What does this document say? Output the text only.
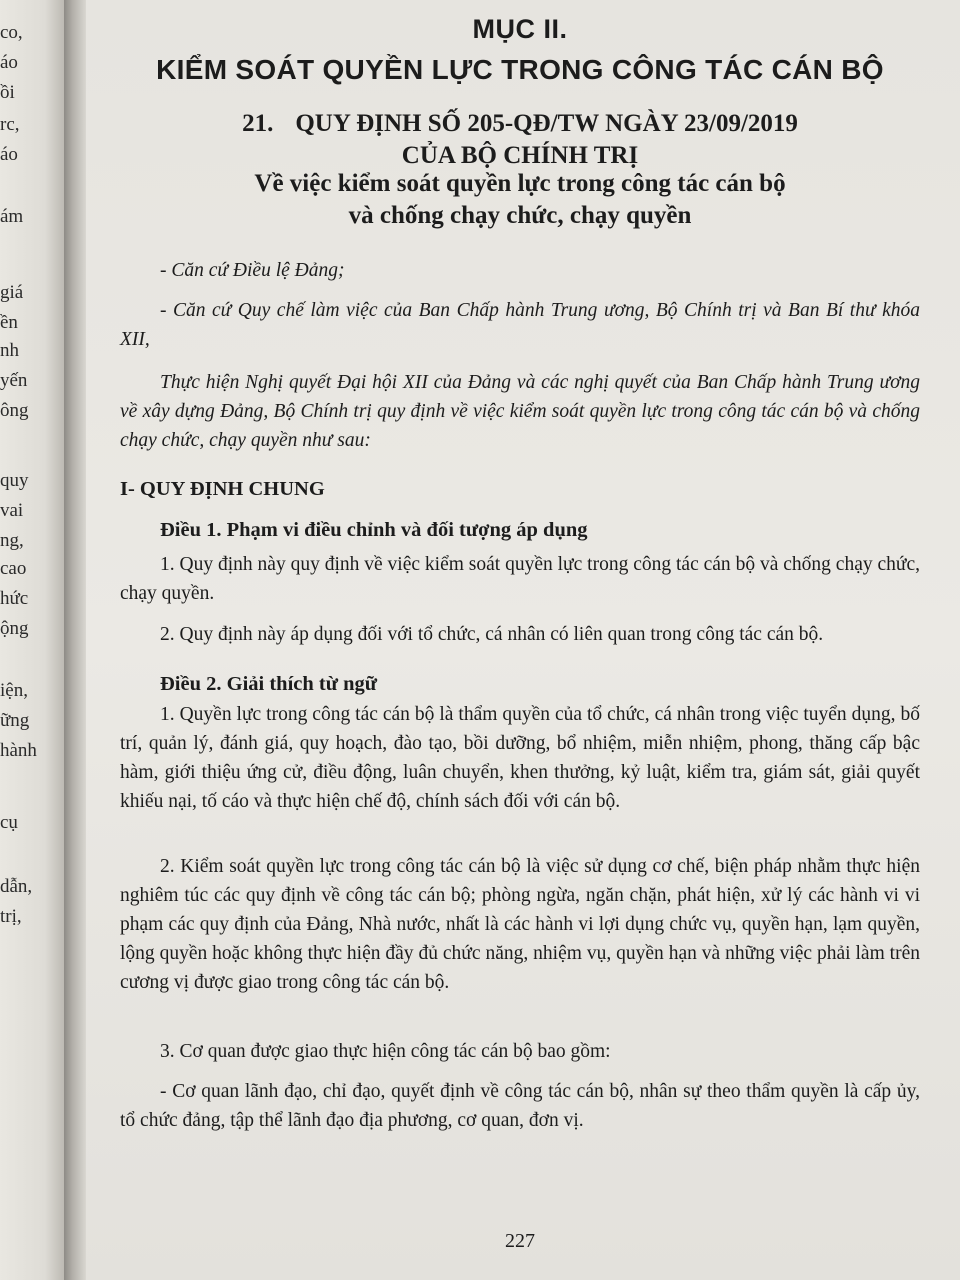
co,
áo
ồi
rc,
áo
ám
giá
ền
nh
yến
ông
quy
vai
ng,
cao
hức
ộng
iện,
ững
hành
cụ
dẫn,
trị,
MỤC II.
KIỂM SOÁT QUYỀN LỰC TRONG CÔNG TÁC CÁN BỘ
21. QUY ĐỊNH SỐ 205-QĐ/TW NGÀY 23/09/2019
CỦA BỘ CHÍNH TRỊ
Về việc kiểm soát quyền lực trong công tác cán bộ
và chống chạy chức, chạy quyền
- Căn cứ Điều lệ Đảng;
- Căn cứ Quy chế làm việc của Ban Chấp hành Trung ương, Bộ Chính trị và Ban Bí thư khóa XII,
Thực hiện Nghị quyết Đại hội XII của Đảng và các nghị quyết của Ban Chấp hành Trung ương về xây dựng Đảng, Bộ Chính trị quy định về việc kiểm soát quyền lực trong công tác cán bộ và chống chạy chức, chạy quyền như sau:
I- QUY ĐỊNH CHUNG
Điều 1. Phạm vi điều chỉnh và đối tượng áp dụng
1. Quy định này quy định về việc kiểm soát quyền lực trong công tác cán bộ và chống chạy chức, chạy quyền.
2. Quy định này áp dụng đối với tổ chức, cá nhân có liên quan trong công tác cán bộ.
Điều 2. Giải thích từ ngữ
1. Quyền lực trong công tác cán bộ là thẩm quyền của tổ chức, cá nhân trong việc tuyển dụng, bố trí, quản lý, đánh giá, quy hoạch, đào tạo, bồi dưỡng, bổ nhiệm, miễn nhiệm, phong, thăng cấp bậc hàm, giới thiệu ứng cử, điều động, luân chuyển, khen thưởng, kỷ luật, kiểm tra, giám sát, giải quyết khiếu nại, tố cáo và thực hiện chế độ, chính sách đối với cán bộ.
2. Kiểm soát quyền lực trong công tác cán bộ là việc sử dụng cơ chế, biện pháp nhằm thực hiện nghiêm túc các quy định về công tác cán bộ; phòng ngừa, ngăn chặn, phát hiện, xử lý các hành vi vi phạm các quy định của Đảng, Nhà nước, nhất là các hành vi lợi dụng chức vụ, quyền hạn, lạm quyền, lộng quyền hoặc không thực hiện đầy đủ chức năng, nhiệm vụ, quyền hạn và những việc phải làm trên cương vị được giao trong công tác cán bộ.
3. Cơ quan được giao thực hiện công tác cán bộ bao gồm:
- Cơ quan lãnh đạo, chỉ đạo, quyết định về công tác cán bộ, nhân sự theo thẩm quyền là cấp ủy, tổ chức đảng, tập thể lãnh đạo địa phương, cơ quan, đơn vị.
227
